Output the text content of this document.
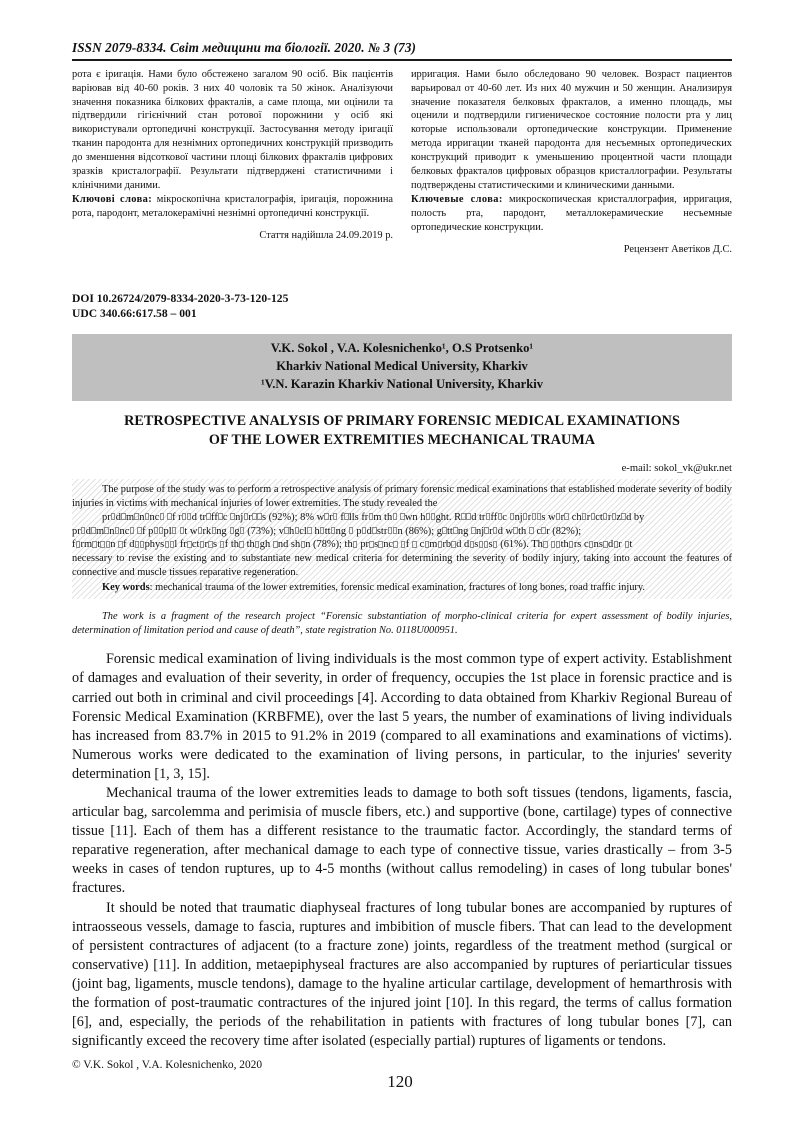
ISSN 2079-8334. Світ медицини та біології. 2020. № 3 (73)

рота є іригація. Нами було обстежено загалом 90 осіб. Вік пацієнтів варіював від 40-60 років. З них 40 чоловік та 50 жінок. Аналізуючи значення показника білкових фракталів, а саме площа, ми оцінили та підтвердили гігієнічний стан ротової порожнини у осіб які використували ортопедичні конструкції. Застосування методу іригації тканин пародонта для незнімних ортопедичних конструкцій призводить до зменшення відсоткової частини площі білкових фракталів цифрових зразків кристалографії. Результати підтверджені статистичними і клінічними даними.

Ключові слова: мікроскопічна кристалографія, іригація, порожнина рота, пародонт, металокерамічні незнімні ортопедичні конструкції.

Стаття надійшла 24.09.2019 р.

ирригация. Нами было обследовано 90 человек. Возраст пациентов варьировал от 40-60 лет. Из них 40 мужчин и 50 женщин. Анализируя значение показателя белковых фракталов, а именно площадь, мы оценили и подтвердили гигиеническое состояние полости рта у лиц которые использовали ортопедические конструкции. Применение метода ирригации тканей пародонта для несъемных ортопедических конструкций приводит к уменьшению процентной части площади белковых фракталов цифровых образцов кристаллографии. Результаты подтверждены статистическими и клиническими данными.

Ключевые слова: микроскопическая кристаллография, ирригация, полость рта, пародонт, металлокерамические несъемные ортопедические конструкции.

Рецензент Аветіков Д.С.

DOI 10.26724/2079-8334-2020-3-73-120-125
UDC 340.66:617.58 – 001
V.K. Sokol , V.A. Kolesnichenko¹, O.S Protsenko¹
Kharkiv National Medical University, Kharkiv
¹V.N. Karazin Kharkiv National University, Kharkiv
RETROSPECTIVE ANALYSIS OF PRIMARY FORENSIC MEDICAL EXAMINATIONS
OF THE LOWER EXTREMITIES MECHANICAL TRAUMA
e-mail: sokol_vk@ukr.net

The purpose of the study was to perform a retrospective analysis of primary forensic medical examinations that established moderate severity of bodily injuries in victims with mechanical injuries of lower extremities. The study revealed the

pr d m n nc f r d tr ff c nj r s (92%); 8% w r f lls fr m th wn h ght. R d tr ff c nj r s w r ch r ct r z d by

pr d m n nc f p pl t w rk ng g (73%); v h cl h tt ng p d str n (86%); g tt ng nj r d w th c r (82%);

f rm t n f d phys l fr ct r s f th th gh nd sh n (78%); th pr s nc f c m rb d d s s (61%). Th th rs c ns d r t

necessary to revise the existing and to substantiate new medical criteria for determining the severity of bodily injury, taking into account the features of connective and muscle tissues reparative regeneration.

Key words: mechanical trauma of the lower extremities, forensic medical examination, fractures of long bones, road traffic injury.

The work is a fragment of the research project “Forensic substantiation of morpho-clinical criteria for expert assessment of bodily injuries, determination of limitation period and cause of death”, state registration No. 0118U000951.

Forensic medical examination of living individuals is the most common type of expert activity. Establishment of damages and evaluation of their severity, in order of frequency, occupies the 1st place in forensic practice and is carried out both in criminal and civil proceedings [4]. According to data obtained from Kharkiv Regional Bureau of Forensic Medical Examination (KRBFME), over the last 5 years, the number of examinations of living individuals has increased from 83.7% in 2015 to 91.2% in 2019 (compared to all examinations and examinations of victims). Numerous works were dedicated to the examination of living persons, in particular, to the injuries' severity determination [1, 3, 15].

Mechanical trauma of the lower extremities leads to damage to both soft tissues (tendons, ligaments, fascia, articular bag, sarcolemma and perimisia of muscle fibers, etc.) and supportive (bone, cartilage) types of connective tissue [11]. Each of them has a different resistance to the traumatic factor. Accordingly, the standard terms of reparative regeneration, after mechanical damage to each type of connective tissue, varies drastically – from 3-5 weeks in cases of tendon ruptures, up to 4-5 months (without callus remodeling) in cases of long tubular bones' fractures.

It should be noted that traumatic diaphyseal fractures of long tubular bones are accompanied by ruptures of intraosseous vessels, damage to fascia, ruptures and imbibition of muscle fibers. That can lead to the development of persistent contractures of adjacent (to a fracture zone) joints, regardless of the treatment method (surgical or conservative) [11]. In addition, metaepiphyseal fractures are also accompanied by ruptures of periarticular tissues (joint bag, ligaments, muscle tendons), damage to the hyaline articular cartilage, development of hemarthrosis with the formation of post-traumatic contractures of the injured joint [10]. In this regard, the terms of callus formation [6], and, especially, the periods of the rehabilitation in patients with fractures of long tubular bones [7], can significantly exceed the recovery time after isolated (especially partial) ruptures of ligaments or tendons.

© V.K. Sokol , V.A. Kolesnichenko, 2020
120
